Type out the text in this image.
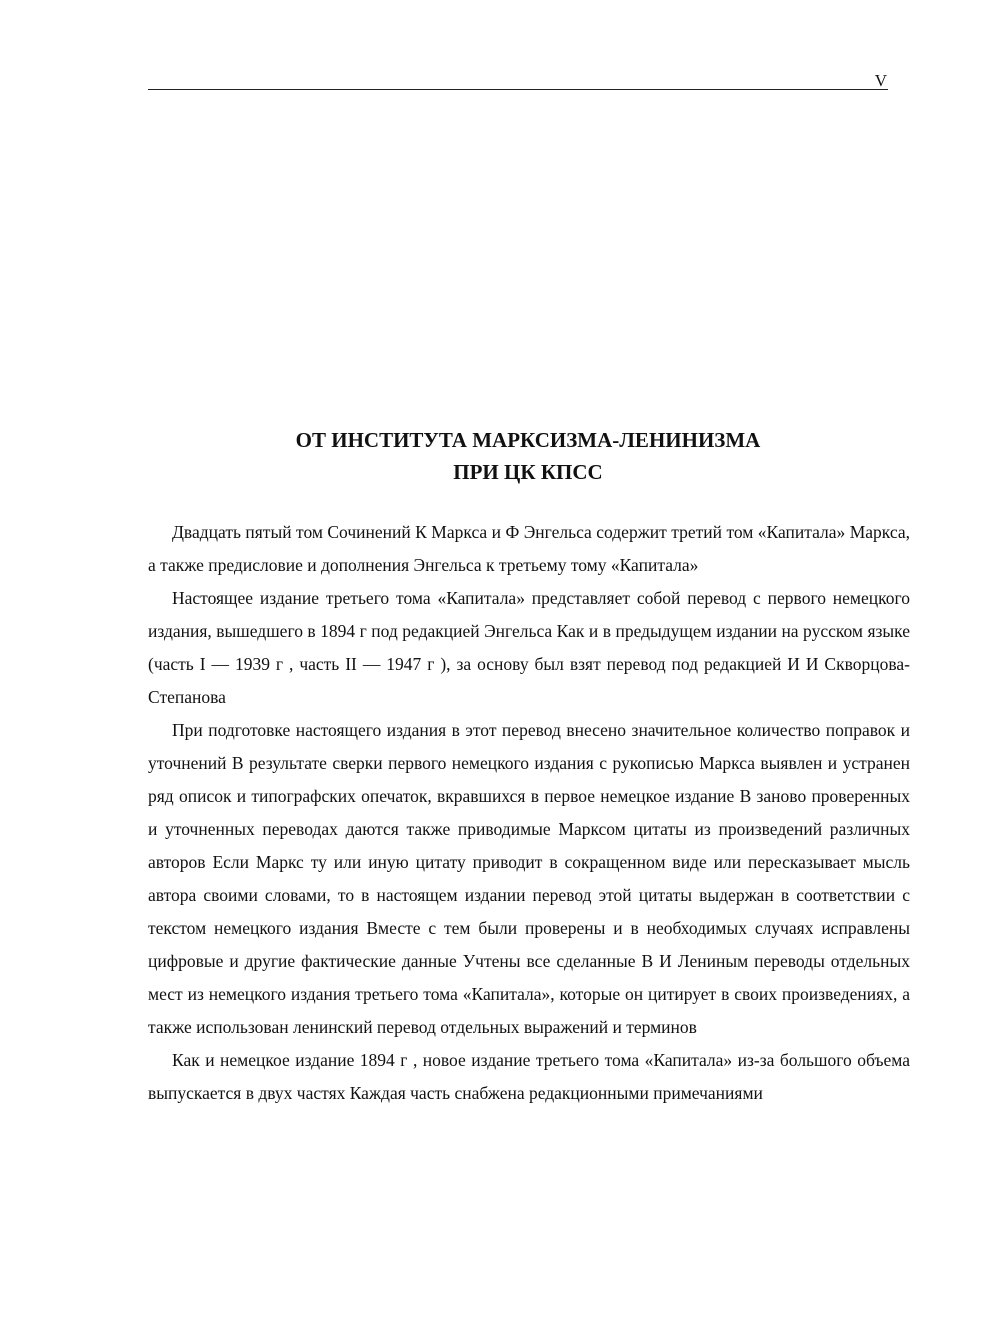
V
ОТ ИНСТИТУТА МАРКСИЗМА-ЛЕНИНИЗМА
ПРИ ЦК КПСС

Двадцать пятый том Сочинений К Маркса и Ф Энгельса содержит третий том «Капитала» Маркса, а также предисловие и дополнения Энгельса к третьему тому «Капитала»

Настоящее издание третьего тома «Капитала» представляет собой перевод с первого немецкого издания, вышедшего в 1894 г под редакцией Энгельса Как и в предыдущем издании на русском языке (часть I — 1939 г , часть II — 1947 г ), за основу был взят перевод под редакцией И И Скворцова-Степанова

При подготовке настоящего издания в этот перевод внесено значительное количество поправок и уточнений В результате сверки первого немецкого издания с рукописью Маркса выявлен и устранен ряд описок и типографских опечаток, вкравшихся в первое немецкое издание В заново проверенных и уточненных переводах даются также приводимые Марксом цитаты из произведений различных авторов Если Маркс ту или иную цитату приводит в сокращенном виде или пересказывает мысль автора своими словами, то в настоящем издании перевод этой цитаты выдержан в соответствии с текстом немецкого издания Вместе с тем были проверены и в необходимых случаях исправлены цифровые и другие фактические данные Учтены все сделанные В И Лениным переводы отдельных мест из немецкого издания третьего тома «Капитала», которые он цитирует в своих произведениях, а также использован ленинский перевод отдельных выражений и терминов

Как и немецкое издание 1894 г , новое издание третьего тома «Капитала» из-за большого объема выпускается в двух частях Каждая часть снабжена редакционными примечаниями
